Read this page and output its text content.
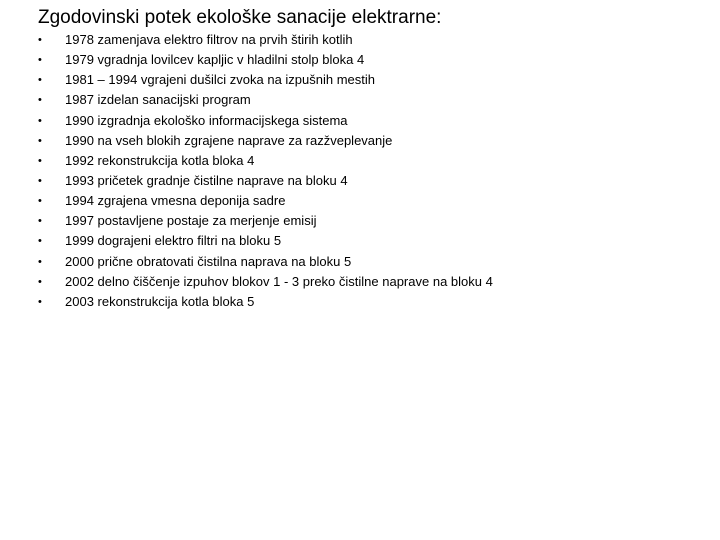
Zgodovinski potek ekološke sanacije elektrarne:
•	1978 zamenjava elektro filtrov na prvih štirih kotlih
•	1979 vgradnja lovilcev kapljic v hladilni stolp bloka 4
•	1981 – 1994 vgrajeni dušilci zvoka na izpušnih mestih
•	1987 izdelan sanacijski program
•	1990 izgradnja ekološko informacijskega sistema
•	1990 na vseh blokih zgrajene naprave za razžveplevanje
•	1992 rekonstrukcija kotla bloka 4
•	1993 pričetek gradnje čistilne naprave na bloku 4
•	1994 zgrajena vmesna deponija sadre
•	1997 postavljene postaje za merjenje emisij
•	1999 dograjeni elektro filtri na bloku 5
•	2000 prične obratovati čistilna naprava na bloku 5
•	2002 delno čiščenje izpuhov blokov 1 - 3 preko čistilne naprave na bloku 4
•	2003 rekonstrukcija kotla bloka 5
